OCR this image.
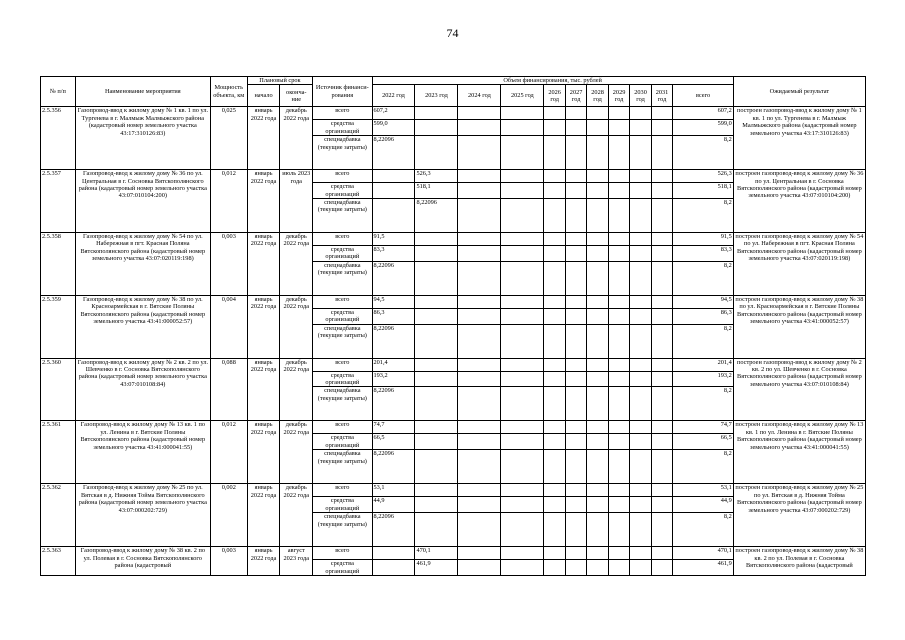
74
№ п/п	Наименование мероприятия	Мощность объекта, км	Плановый срок		Источник финанси- рования	Объем финансирования, тыс. рублей											Ожидаемый результат
			начало	оконча- ние		2022 год	2023 год	2024 год	2025 год	2026 год	2027 год	2028 год	2029 год	2030 год	2031 год	всего	
2.5.356	Газопровод-ввод к жилому дому № 1 кв. 1 по ул. Тургенева в г. Малмыж Малмыжского района (кадастровый номер земельного участка 43:17:310126:83)	0,025	январь 2022 года	декабрь 2022 года	всего	607,2										607,2	построен газопровод-ввод к жилому дому № 1 кв. 1 по ул. Тургенева в г. Малмыж Малмыжского района (кадастровый номер земельного участка 43:17:310126:83)
					средства организаций	599,0										599,0	
					спецнадбавка (текущие затраты)	8,22096										8,2	
2.5.357	Газопровод-ввод к жилому дому № 36 по ул. Центральная в г. Сосновка Вятскополянского района (кадастровый номер земельного участка 43:07:010104:200)	0,012	январь 2022 года	июль 2023 года	всего		526,3									526,3	построен газопровод-ввод к жилому дому № 36 по ул. Центральная в г. Сосновка Вятскополянского района (кадастровый номер земельного участка 43:07:010104:200)
					средства организаций		518,1									518,1	
					спецнадбавка (текущие затраты)		8,22096									8,2	
2.5.358	Газопровод-ввод к жилому дому № 54 по ул. Набережная в пгт. Красная Поляна Вятскополянского района (кадастровый номер земельного участка 43:07:020119:198)	0,003	январь 2022 года	декабрь 2022 года	всего	91,5										91,5	построен газопровод-ввод к жилому дому № 54 по ул. Набережная в пгт. Красная Поляна Вятскополянского района (кадастровый номер земельного участка 43:07:020119:198)
					средства организаций	83,3										83,3	
					спецнадбавка (текущие затраты)	8,22096										8,2	
2.5.359	Газопровод-ввод к жилому дому № 38 по ул. Красноармейская в г. Вятские Поляны Вятскополянского района (кадастровый номер земельного участка 43:41:000052:57)	0,004	январь 2022 года	декабрь 2022 года	всего	94,5										94,5	построен газопровод-ввод к жилому дому № 38 по ул. Красноармейская в г. Вятские Поляны Вятскополянского района (кадастровый номер земельного участка 43:41:000052:57)
					средства организаций	86,3										86,3	
					спецнадбавка (текущие затраты)	8,22096										8,2	
2.5.360	Газопровод-ввод к жилому дому № 2 кв. 2 по ул. Шевченко в г. Сосновка Вятскополянского района (кадастровый номер земельного участка 43:07:010108:84)	0,088	январь 2022 года	декабрь 2022 года	всего	201,4										201,4	построен газопровод-ввод к жилому дому № 2 кв. 2 по ул. Шевченко в г. Сосновка Вятскополянского района (кадастровый номер земельного участка 43:07:010108:84)
					средства организаций	193,2										193,2	
					спецнадбавка (текущие затраты)	8,22096										8,2	
2.5.361	Газопровод-ввод к жилому дому № 13 кв. 1 по ул. Ленина в г. Вятские Поляны Вятскополянского района (кадастровый номер земельного участка 43:41:000041:55)	0,012	январь 2022 года	декабрь 2022 года	всего	74,7										74,7	построен газопровод-ввод к жилому дому № 13 кв. 1 по ул. Ленина в г. Вятские Поляны Вятскополянского района (кадастровый номер земельного участка 43:41:000041:55)
					средства организаций	66,5										66,5	
					спецнадбавка (текущие затраты)	8,22096										8,2	
2.5.362	Газопровод-ввод к жилому дому № 25 по ул. Вятская в д. Нижняя Тойма Вятскополянского района (кадастровый номер земельного участка 43:07:000202:729)	0,002	январь 2022 года	декабрь 2022 года	всего	53,1										53,1	построен газопровод-ввод к жилому дому № 25 по ул. Вятская в д. Нижняя Тойма Вятскополянского района (кадастровый номер земельного участка 43:07:000202:729)
					средства организаций	44,9										44,9	
					спецнадбавка (текущие затраты)	8,22096										8,2	
2.5.363	Газопровод-ввод к жилому дому № 38 кв. 2 по ул. Полевая в г. Сосновка Вятскополянского района (кадастровый	0,003	январь 2022 года	август 2023 года	всего		470,1									470,1	построен газопровод-ввод к жилому дому № 38 кв. 2 по ул. Полевая в г. Сосновка Вятскополянского района (кадастровый
					средства организаций		461,9									461,9	
